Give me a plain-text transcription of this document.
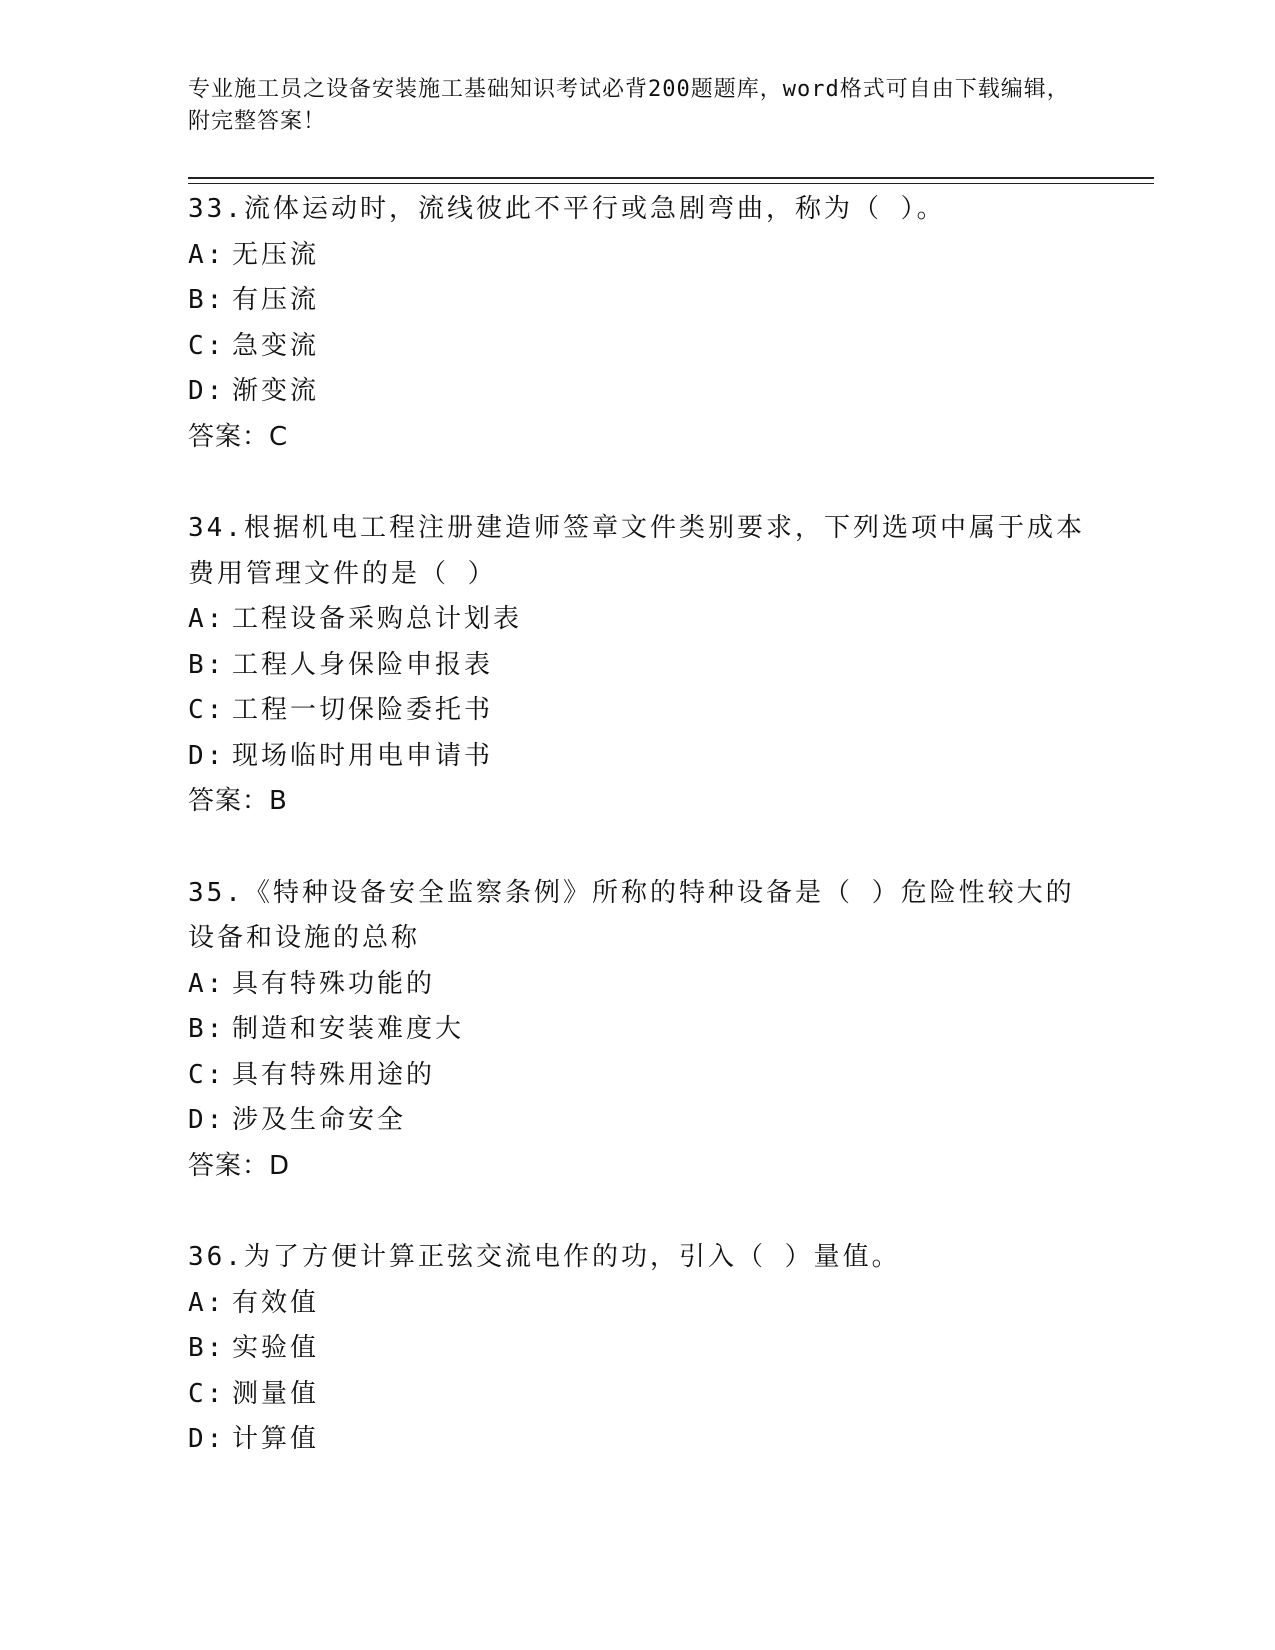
专业施工员之设备安装施工基础知识考试必背200题题库，word格式可自由下载编辑，附完整答案！
33.流体运动时，流线彼此不平行或急剧弯曲，称为（ ）。
A: 无压流
B: 有压流
C: 急变流
D: 渐变流
答案：C
34.根据机电工程注册建造师签章文件类别要求，下列选项中属于成本费用管理文件的是（ ）
A: 工程设备采购总计划表
B: 工程人身保险申报表
C: 工程一切保险委托书
D: 现场临时用电申请书
答案：B
35.《特种设备安全监察条例》所称的特种设备是（ ）危险性较大的设备和设施的总称
A: 具有特殊功能的
B: 制造和安装难度大
C: 具有特殊用途的
D: 涉及生命安全
答案：D
36.为了方便计算正弦交流电作的功，引入（ ）量值。
A: 有效值
B: 实验值
C: 测量值
D: 计算值
